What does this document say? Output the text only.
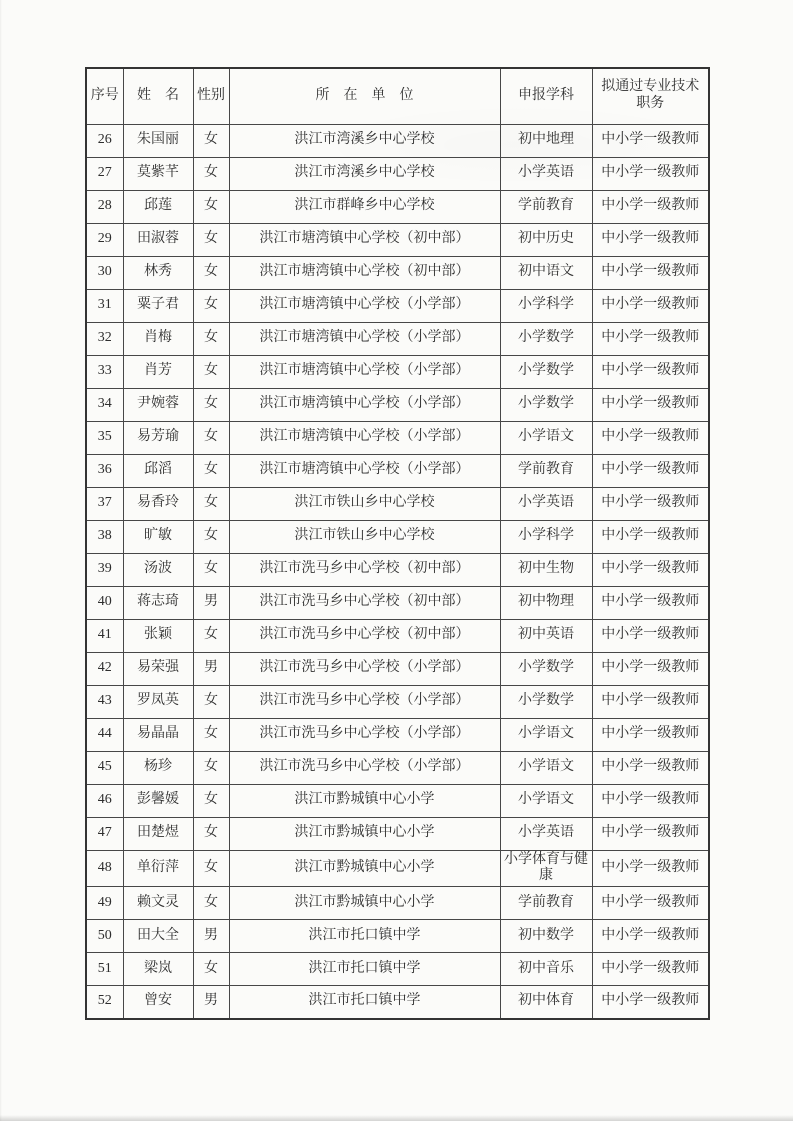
序号	姓　名	性别	所　在　单　位	申报学科	拟通过专业技术职务
26	朱国丽	女	洪江市湾溪乡中心学校	初中地理	中小学一级教师
27	莫紫芊	女	洪江市湾溪乡中心学校	小学英语	中小学一级教师
28	邱莲	女	洪江市群峰乡中心学校	学前教育	中小学一级教师
29	田淑蓉	女	洪江市塘湾镇中心学校（初中部）	初中历史	中小学一级教师
30	林秀	女	洪江市塘湾镇中心学校（初中部）	初中语文	中小学一级教师
31	粟子君	女	洪江市塘湾镇中心学校（小学部）	小学科学	中小学一级教师
32	肖梅	女	洪江市塘湾镇中心学校（小学部）	小学数学	中小学一级教师
33	肖芳	女	洪江市塘湾镇中心学校（小学部）	小学数学	中小学一级教师
34	尹婉蓉	女	洪江市塘湾镇中心学校（小学部）	小学数学	中小学一级教师
35	易芳瑜	女	洪江市塘湾镇中心学校（小学部）	小学语文	中小学一级教师
36	邱滔	女	洪江市塘湾镇中心学校（小学部）	学前教育	中小学一级教师
37	易香玲	女	洪江市铁山乡中心学校	小学英语	中小学一级教师
38	旷敏	女	洪江市铁山乡中心学校	小学科学	中小学一级教师
39	汤波	女	洪江市洗马乡中心学校（初中部）	初中生物	中小学一级教师
40	蒋志琦	男	洪江市洗马乡中心学校（初中部）	初中物理	中小学一级教师
41	张颖	女	洪江市洗马乡中心学校（初中部）	初中英语	中小学一级教师
42	易荣强	男	洪江市洗马乡中心学校（小学部）	小学数学	中小学一级教师
43	罗凤英	女	洪江市洗马乡中心学校（小学部）	小学数学	中小学一级教师
44	易晶晶	女	洪江市洗马乡中心学校（小学部）	小学语文	中小学一级教师
45	杨珍	女	洪江市洗马乡中心学校（小学部）	小学语文	中小学一级教师
46	彭馨媛	女	洪江市黔城镇中心小学	小学语文	中小学一级教师
47	田楚煜	女	洪江市黔城镇中心小学	小学英语	中小学一级教师
48	单衍萍	女	洪江市黔城镇中心小学	小学体育与健康	中小学一级教师
49	赖文灵	女	洪江市黔城镇中心小学	学前教育	中小学一级教师
50	田大全	男	洪江市托口镇中学	初中数学	中小学一级教师
51	梁岚	女	洪江市托口镇中学	初中音乐	中小学一级教师
52	曾安	男	洪江市托口镇中学	初中体育	中小学一级教师
